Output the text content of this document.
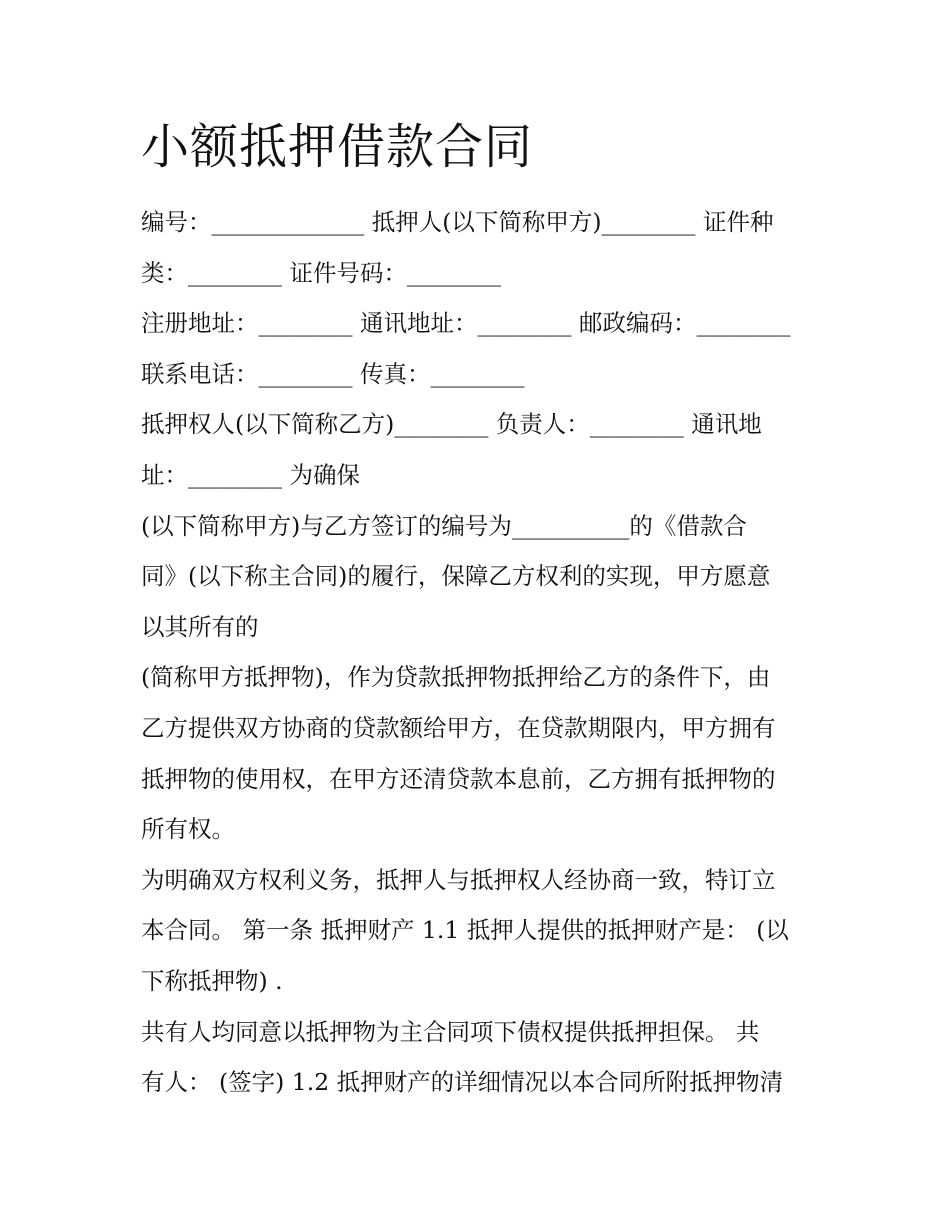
小额抵押借款合同
编号：_____________ 抵押人(以下简称甲方)________ 证件种
类：________ 证件号码：________
注册地址：________ 通讯地址：________ 邮政编码：________
联系电话：________ 传真：________
抵押权人(以下简称乙方)________ 负责人：________ 通讯地
址：________ 为确保
(以下简称甲方)与乙方签订的编号为__________的《借款合
同》(以下称主合同)的履行，保障乙方权利的实现，甲方愿意
以其所有的
(简称甲方抵押物)，作为贷款抵押物抵押给乙方的条件下，由
乙方提供双方协商的贷款额给甲方，在贷款期限内，甲方拥有
抵押物的使用权，在甲方还清贷款本息前，乙方拥有抵押物的
所有权。
为明确双方权利义务，抵押人与抵押权人经协商一致，特订立
本合同。 第一条 抵押财产 1.1 抵押人提供的抵押财产是： (以
下称抵押物) .
共有人均同意以抵押物为主合同项下债权提供抵押担保。 共
有人： (签字) 1.2 抵押财产的详细情况以本合同所附抵押物清
